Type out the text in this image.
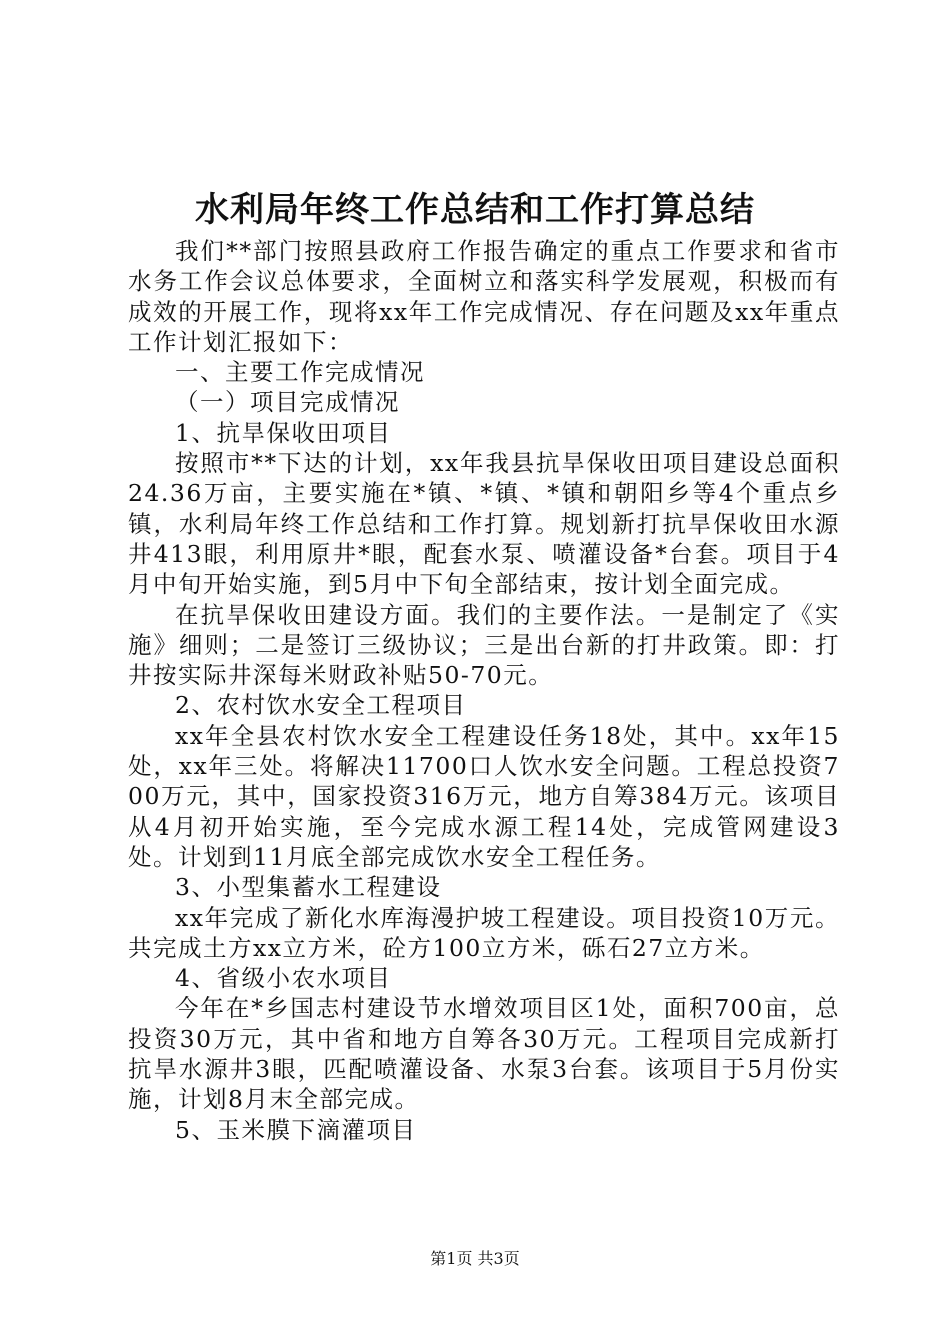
水利局年终工作总结和工作打算总结

我们**部门按照县政府工作报告确定的重点工作要求和省市水务工作会议总体要求，全面树立和落实科学发展观，积极而有成效的开展工作，现将xx年工作完成情况、存在问题及xx年重点工作计划汇报如下：

一、主要工作完成情况

（一）项目完成情况

1、抗旱保收田项目

按照市**下达的计划，xx年我县抗旱保收田项目建设总面积24.36万亩，主要实施在*镇、*镇、*镇和朝阳乡等4个重点乡镇，水利局年终工作总结和工作打算。规划新打抗旱保收田水源井413眼，利用原井*眼，配套水泵、喷灌设备*台套。项目于4月中旬开始实施，到5月中下旬全部结束，按计划全面完成。

在抗旱保收田建设方面。我们的主要作法。一是制定了《实施》细则；二是签订三级协议；三是出台新的打井政策。即：打井按实际井深每米财政补贴50-70元。

2、农村饮水安全工程项目

xx年全县农村饮水安全工程建设任务18处，其中。xx年15处，xx年三处。将解决11700口人饮水安全问题。工程总投资700万元，其中，国家投资316万元，地方自筹384万元。该项目从4月初开始实施，至今完成水源工程14处，完成管网建设3处。计划到11月底全部完成饮水安全工程任务。

3、小型集蓄水工程建设

xx年完成了新化水库海漫护坡工程建设。项目投资10万元。共完成土方xx立方米，砼方100立方米，砾石27立方米。

4、省级小农水项目

今年在*乡国志村建设节水增效项目区1处，面积700亩，总投资30万元，其中省和地方自筹各30万元。工程项目完成新打抗旱水源井3眼，匹配喷灌设备、水泵3台套。该项目于5月份实施，计划8月末全部完成。

5、玉米膜下滴灌项目

第1页 共3页
